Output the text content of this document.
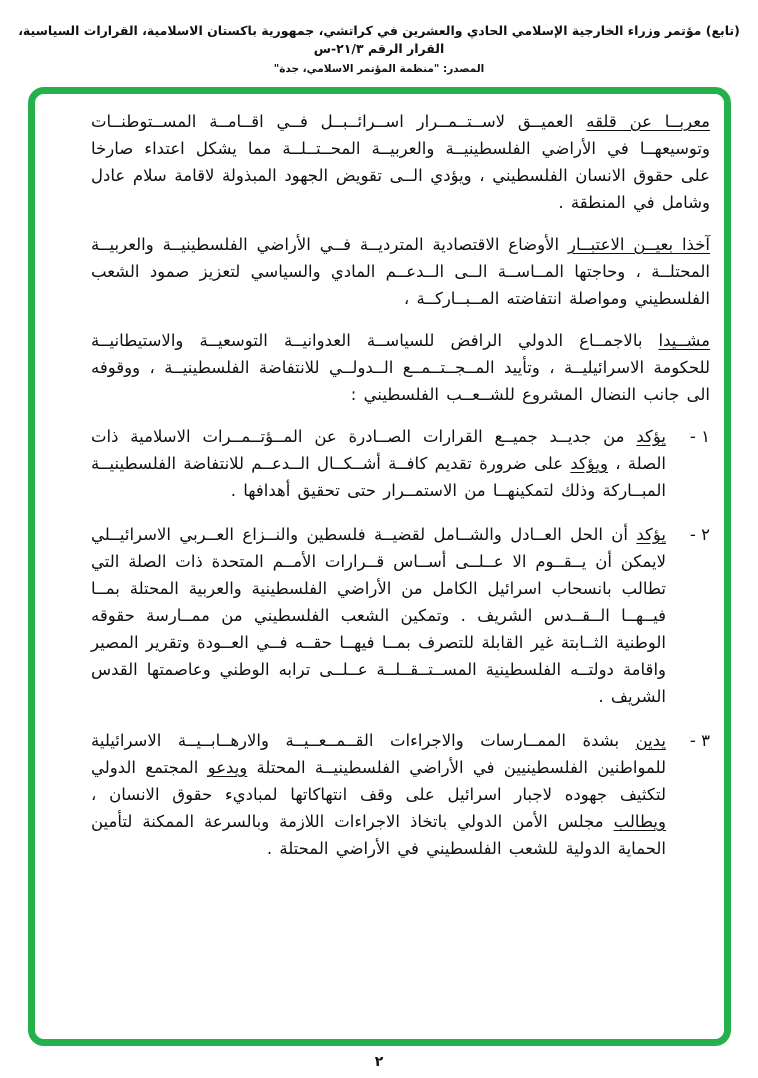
(تابع) مؤتمر وزراء الخارجية الإسلامي الحادي والعشرين في كراتشي، جمهورية باكستان الاسلامية، القرارات السياسية، القرار الرقم ٢١/٣-س
المصدر: "منظمة المؤتمر الاسلامي، جدة"

معربــا عن قلقه العميــق لاســتــمــرار اســرائــبــل فــي اقــامــة المســتوطنــات وتوسيعهــا في الأراضي الفلسطينيــة والعربيــة المحــتــلــة مما يشكل اعتداء صارخا على حقوق الانسان الفلسطيني ، ويؤدي الــى تقويض الجهود المبذولة لاقامة سلام عادل وشامل في المنطقة .

آخذا بعيــن الاعتبــار الأوضاع الاقتصادية المترديــة فــي الأراضي الفلسطينيــة والعربيــة المحتلــة ، وحاجتها المــاســة الــى الــدعــم المادي والسياسي لتعزيز صمود الشعب الفلسطيني ومواصلة انتفاضته المــبــاركــة ،

مشــيدا بالاجمــاع الدولي الرافض للسياســة العدوانيــة التوسعيــة والاستيطانيــة للحكومة الاسرائيليــة ، وتأييد المــجــتــمــع الــدولــي للانتفاضة الفلسطينيــة ، ووقوفه الى جانب النضال المشروع للشــعــب الفلسطيني :

١ -
يؤكد من جديــد جميــع القرارات الصــادرة عن المــؤتــمــرات الاسلامية ذات الصلة ، ويؤكد على ضرورة تقديم كافــة أشــكــال الــدعــم للانتفاضة الفلسطينيــة المبــاركة وذلك لتمكينهــا من الاستمــرار حتى تحقيق أهدافها .
٢ -
يؤكد أن الحل العــادل والشــامل لقضيــة فلسطين والنــزاع العــربي الاسرائيــلي لايمكن أن يــقــوم الا عــلــى أســاس قــرارات الأمــم المتحدة ذات الصلة التي تطالب بانسحاب اسرائيل الكامل من الأراضي الفلسطينية والعربية المحتلة بمــا فيــهــا الــقــدس الشريف . وتمكين الشعب الفلسطيني من ممــارسة حقوقه الوطنية الثــابتة غير القابلة للتصرف بمــا فيهــا حقــه فــي العــودة وتقرير المصير واقامة دولتــه الفلسطينية المســتــقــلــة عــلــى ترابه الوطني وعاصمتها القدس الشريف .
٣ -
يدين بشدة الممــارسات والاجراءات القــمــعــيــة والارهــابــيــة الاسرائيلية للمواطنين الفلسطينيين في الأراضي الفلسطينيــة المحتلة ويدعو المجتمع الدولي لتكثيف جهوده لاجبار اسرائيل على وقف انتهاكاتها لمباديء حقوق الانسان ، ويطالب مجلس الأمن الدولي باتخاذ الاجراءات اللازمة وبالسرعة الممكنة لتأمين الحماية الدولية للشعب الفلسطيني في الأراضي المحتلة .
٢
